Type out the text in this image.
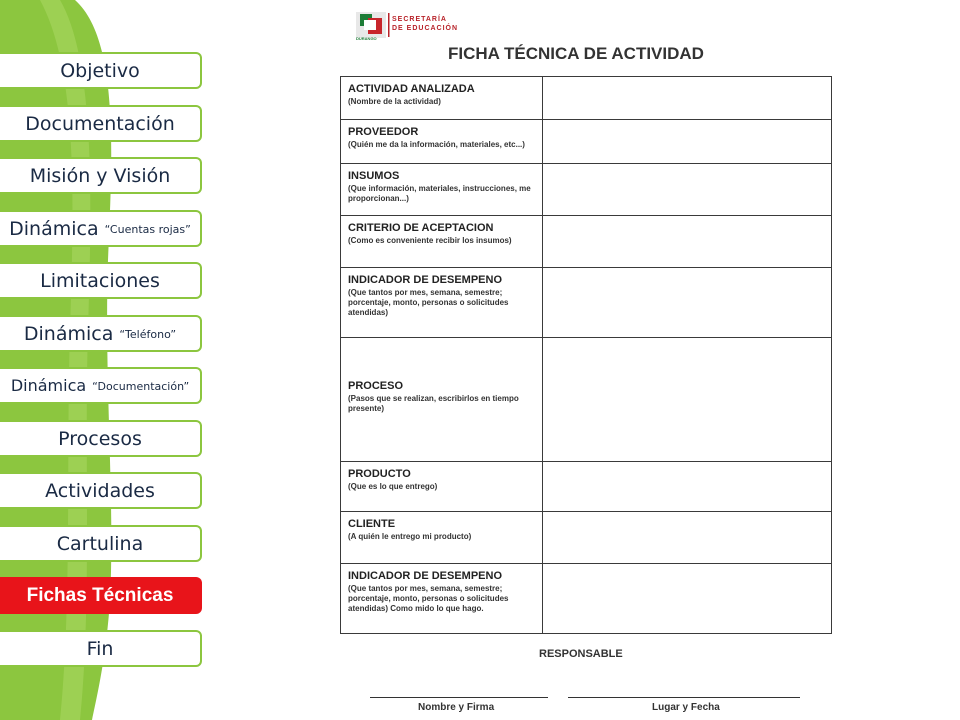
Objetivo
Documentación
Misión y Visión
Dinámica “Cuentas rojas”
Limitaciones
Dinámica “Teléfono”
Dinámica “Documentación”
Procesos
Actividades
Cartulina
Fichas Técnicas
Fin
SECRETARÍA
DE EDUCACIÓN
DURANGO
FICHA TÉCNICA DE ACTIVIDAD
ACTIVIDAD ANALIZADA
(Nombre de la actividad)	

PROVEEDOR
(Quién me da la información, materiales, etc...)	

INSUMOS
(Que información, materiales, instrucciones, me proporcionan...)	

CRITERIO DE ACEPTACION
(Como es conveniente recibir los insumos)	

INDICADOR DE DESEMPENO
(Que tantos por mes, semana, semestre; porcentaje, monto, personas o solicitudes atendidas)	

PROCESO
(Pasos que se realizan, escribirlos en tiempo presente)	

PRODUCTO
(Que es lo que entrego)	

CLIENTE
(A quién le entrego mi producto)	

INDICADOR DE DESEMPENO
(Que tantos por mes, semana, semestre; porcentaje, monto, personas o solicitudes atendidas) Como mido lo que hago.	

RESPONSABLE
Nombre y Firma	Lugar y Fecha
